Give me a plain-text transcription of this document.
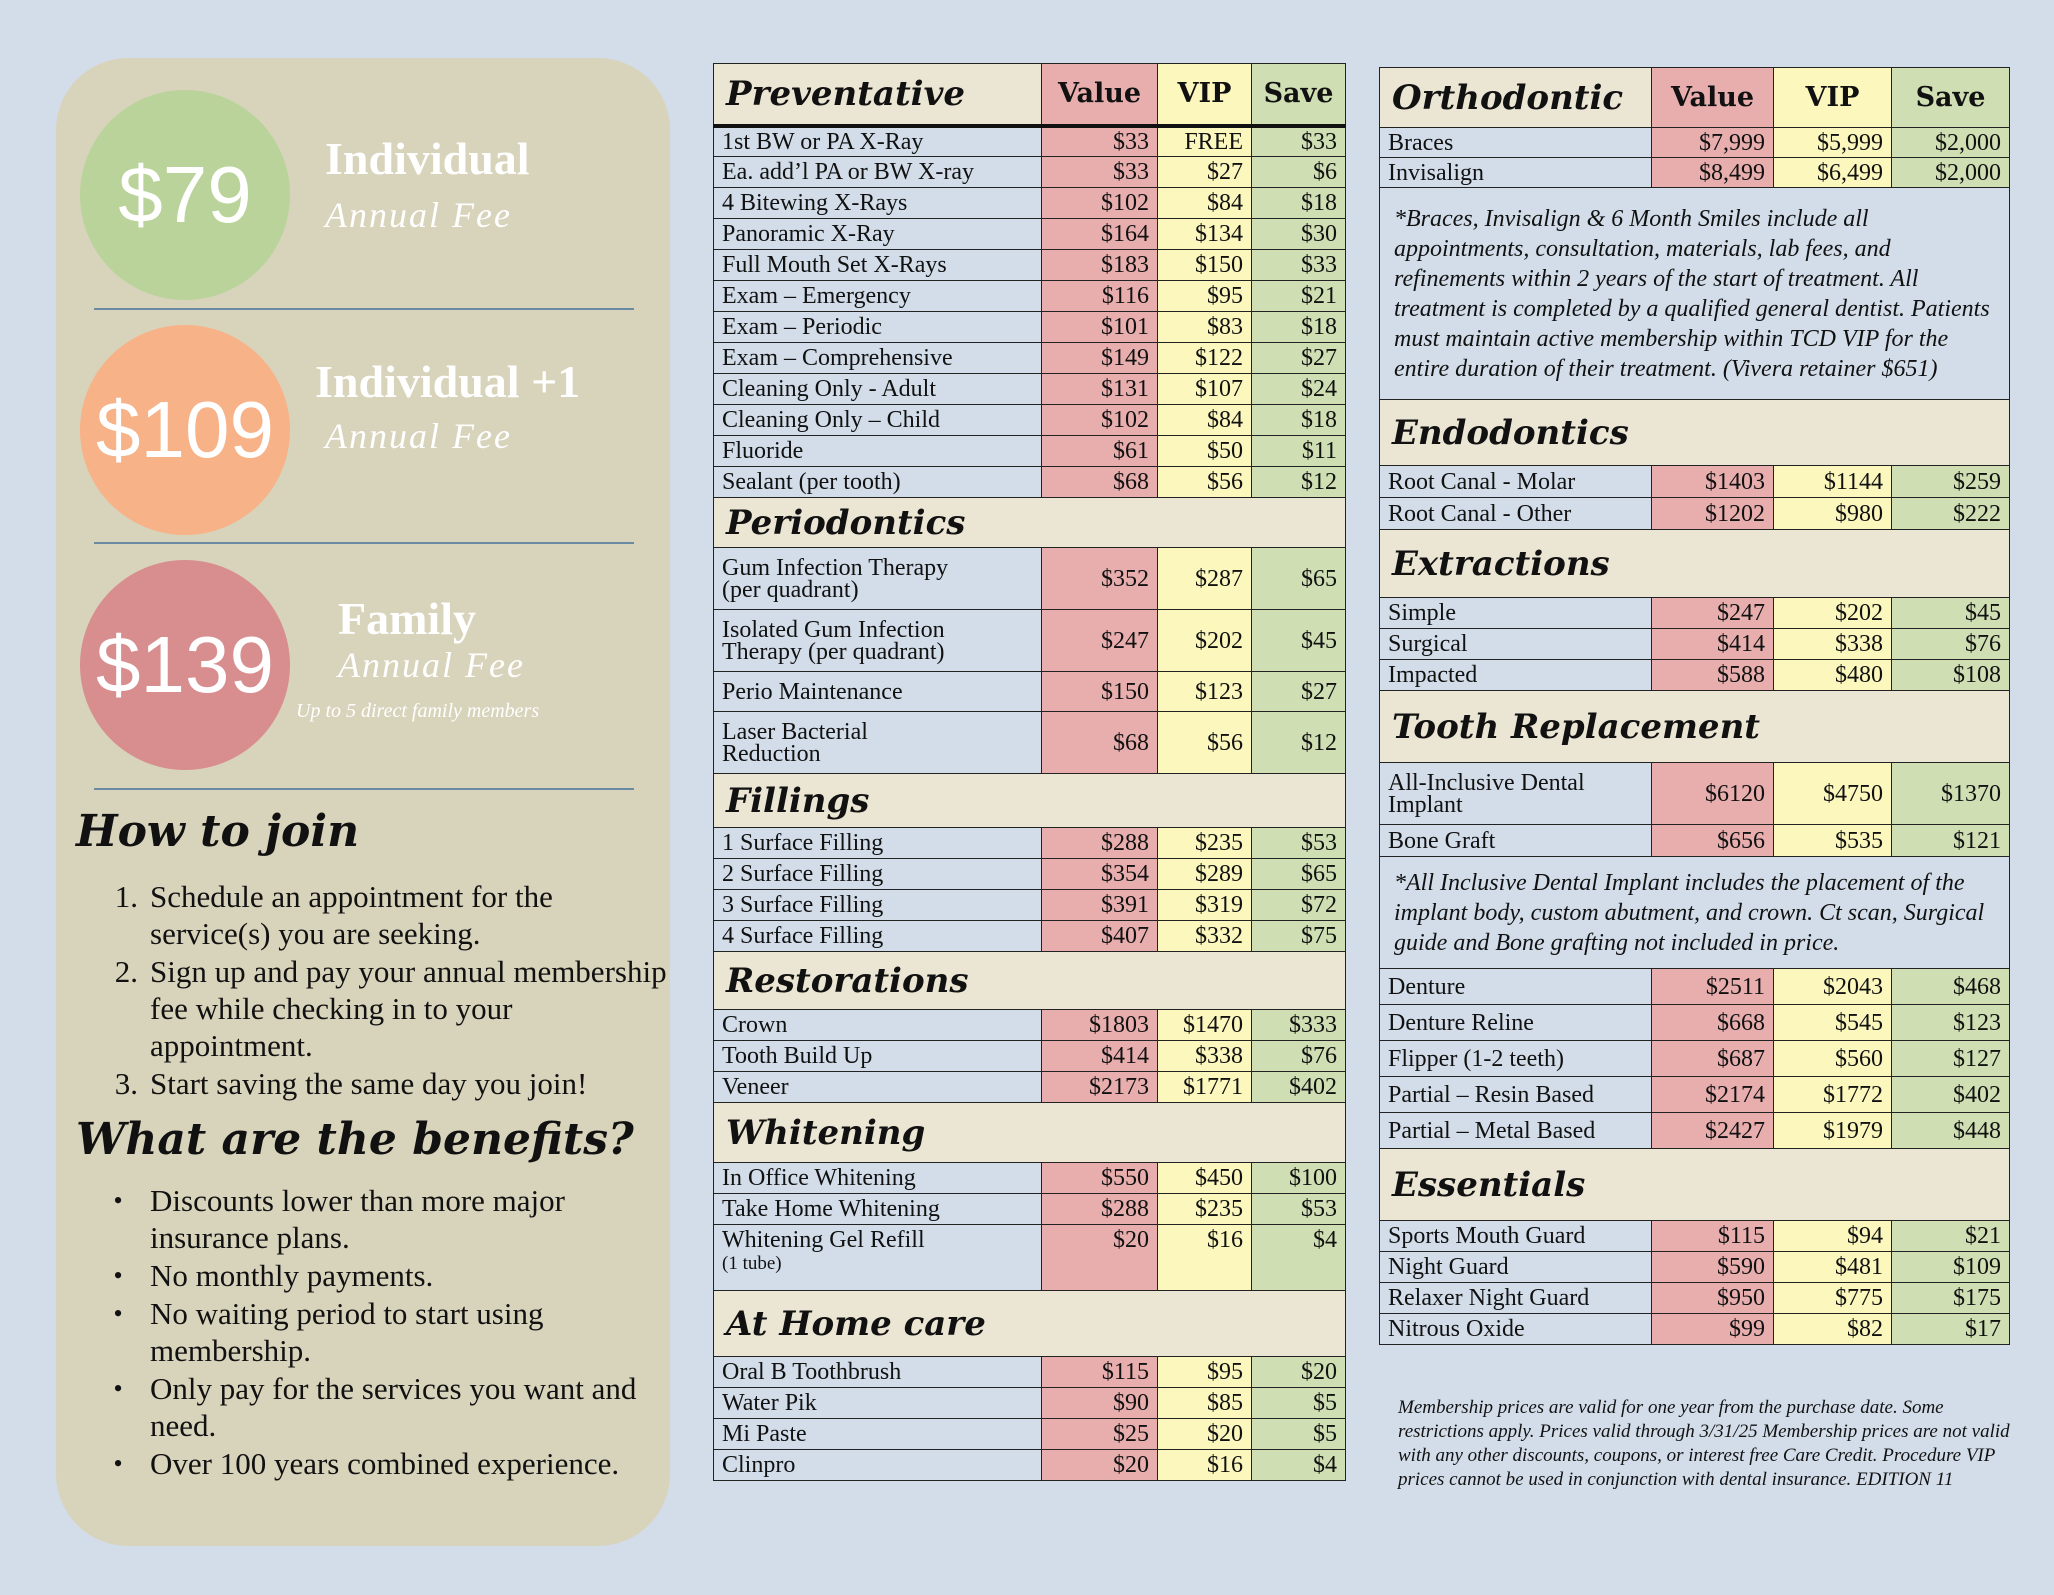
$79	Individual
Annual Fee
$109
Individual +1
Annual Fee
$139
Family
Annual Fee
Up to 5 direct family members
How to join
1. Schedule an appointment for the service(s) you are seeking.
2. Sign up and pay your annual membership fee while checking in to your appointment.
3. Start saving the same day you join!
What are the benefits?
• Discounts lower than more major insurance plans.
• No monthly payments.
• No waiting period to start using membership.
• Only pay for the services you want and need.
• Over 100 years combined experience.
Preventative	Value	VIP	Save
1st BW or PA X-Ray	$33	FREE	$33
Ea. add’l PA or BW X-ray	$33	$27	$6
4 Bitewing X-Rays	$102	$84	$18
Panoramic X-Ray	$164	$134	$30
Full Mouth Set X-Rays	$183	$150	$33
Exam – Emergency	$116	$95	$21
Exam – Periodic	$101	$83	$18
Exam – Comprehensive	$149	$122	$27
Cleaning Only - Adult	$131	$107	$24
Cleaning Only – Child	$102	$84	$18
Fluoride	$61	$50	$11
Sealant (per tooth)	$68	$56	$12
Periodontics			
Gum Infection Therapy
(per quadrant)	$352	$287	$65
Isolated Gum Infection
Therapy (per quadrant)	$247	$202	$45
Perio Maintenance	$150	$123	$27
Laser Bacterial
Reduction	$68	$56	$12
Fillings			
1 Surface Filling	$288	$235	$53
2 Surface Filling	$354	$289	$65
3 Surface Filling	$391	$319	$72
4 Surface Filling	$407	$332	$75
Restorations			
Crown	$1803	$1470	$333
Tooth Build Up	$414	$338	$76
Veneer	$2173	$1771	$402
Whitening			
In Office Whitening	$550	$450	$100
Take Home Whitening	$288	$235	$53
Whitening Gel Refill
(1 tube)	$20	$16	$4
At Home care			
Oral B Toothbrush	$115	$95	$20
Water Pik	$90	$85	$5
Mi Paste	$25	$20	$5
Clinpro	$20	$16	$4
Orthodontic	Value	VIP	Save
Braces	$7,999	$5,999	$2,000
Invisalign	$8,499	$6,499	$2,000
*Braces, Invisalign & 6 Month Smiles include all appointments, consultation, materials, lab fees, and refinements within 2 years of the start of treatment. All treatment is completed by a qualified general dentist. Patients must maintain active membership within TCD VIP for the entire duration of their treatment. (Vivera retainer $651)			
Endodontics			
Root Canal - Molar	$1403	$1144	$259
Root Canal - Other	$1202	$980	$222
Extractions			
Simple	$247	$202	$45
Surgical	$414	$338	$76
Impacted	$588	$480	$108
Tooth Replacement			
All-Inclusive Dental
Implant	$6120	$4750	$1370
Bone Graft	$656	$535	$121
*All Inclusive Dental Implant includes the placement of the implant body, custom abutment, and crown. Ct scan, Surgical guide and Bone grafting not included in price.			
Denture	$2511	$2043	$468
Denture Reline	$668	$545	$123
Flipper (1-2 teeth)	$687	$560	$127
Partial – Resin Based	$2174	$1772	$402
Partial – Metal Based	$2427	$1979	$448
Essentials			
Sports Mouth Guard	$115	$94	$21
Night Guard	$590	$481	$109
Relaxer Night Guard	$950	$775	$175
Nitrous Oxide	$99	$82	$17
Membership prices are valid for one year from the purchase date. Some restrictions apply. Prices valid through 3/31/25 Membership prices are not valid with any other discounts, coupons, or interest free Care Credit. Procedure VIP prices cannot be used in conjunction with dental insurance. EDITION 11
